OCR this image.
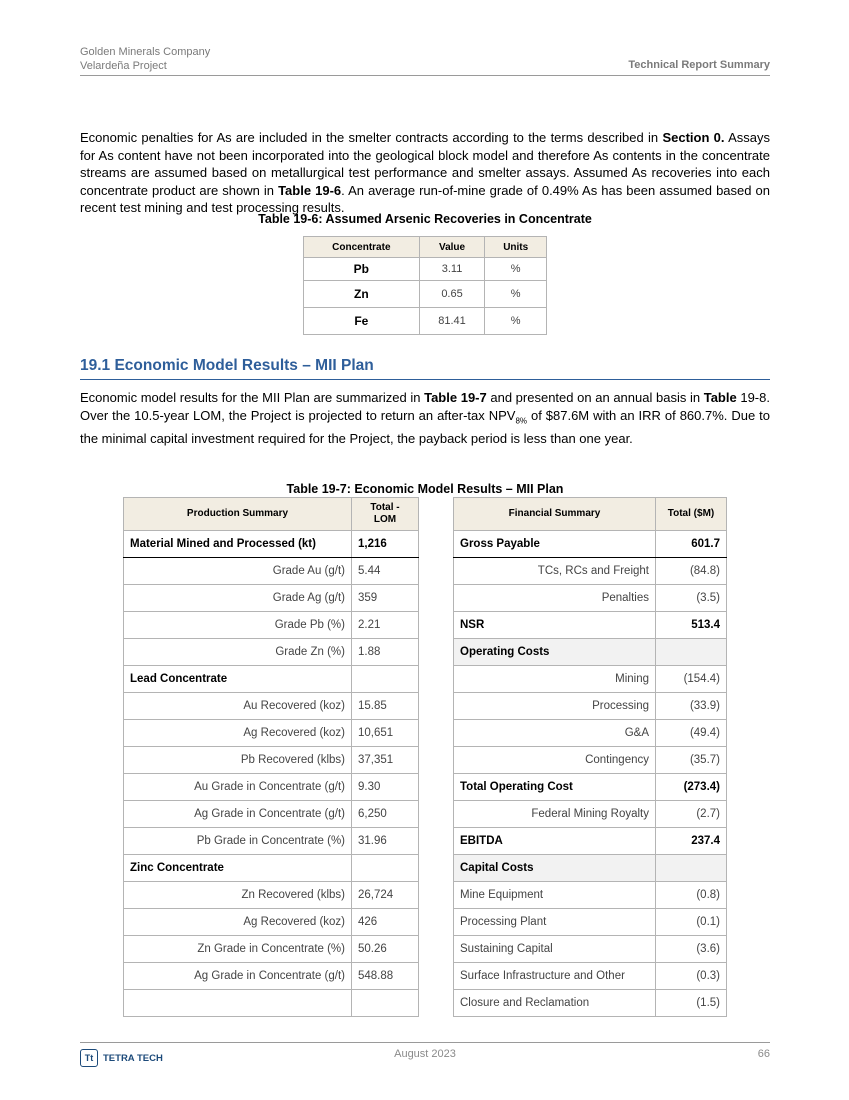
Golden Minerals Company
Velardeña Project	Technical Report Summary
Economic penalties for As are included in the smelter contracts according to the terms described in Section 0. Assays for As content have not been incorporated into the geological block model and therefore As contents in the concentrate streams are assumed based on metallurgical test performance and smelter assays. Assumed As recoveries into each concentrate product are shown in Table 19-6. An average run-of-mine grade of 0.49% As has been assumed based on recent test mining and test processing results.
Table 19-6: Assumed Arsenic Recoveries in Concentrate
Concentrate	Value	Units
Pb	3.11	%
Zn	0.65	%
Fe	81.41	%
19.1 Economic Model Results – MII Plan
Economic model results for the MII Plan are summarized in Table 19-7 and presented on an annual basis in Table 19-8. Over the 10.5-year LOM, the Project is projected to return an after-tax $NPV_{8\%}$ of $87.6M with an IRR of 860.7%. Due to the minimal capital investment required for the Project, the payback period is less than one year.
Table 19-7: Economic Model Results – MII Plan
Production Summary	Total - LOM
Material Mined and Processed (kt)	1,216
Grade Au (g/t)	5.44
Grade Ag (g/t)	359
Grade Pb (%)	2.21
Grade Zn (%)	1.88
Lead Concentrate	
Au Recovered (koz)	15.85
Ag Recovered (koz)	10,651
Pb Recovered (klbs)	37,351
Au Grade in Concentrate (g/t)	9.30
Ag Grade in Concentrate (g/t)	6,250
Pb Grade in Concentrate (%)	31.96
Zinc Concentrate	
Zn Recovered (klbs)	26,724
Ag Recovered (koz)	426
Zn Grade in Concentrate (%)	50.26
Ag Grade in Concentrate (g/t)	548.88

Financial Summary	Total ($M)
Gross Payable	601.7
TCs, RCs and Freight	(84.8)
Penalties	(3.5)
NSR	513.4
Operating Costs	
Mining	(154.4)
Processing	(33.9)
G&A	(49.4)
Contingency	(35.7)
Total Operating Cost	(273.4)
Federal Mining Royalty	(2.7)
EBITDA	237.4
Capital Costs	
Mine Equipment	(0.8)
Processing Plant	(0.1)
Sustaining Capital	(3.6)
Surface Infrastructure and Other	(0.3)
Closure and Reclamation	(1.5)
Tt	TETRA TECH	August 2023	66
